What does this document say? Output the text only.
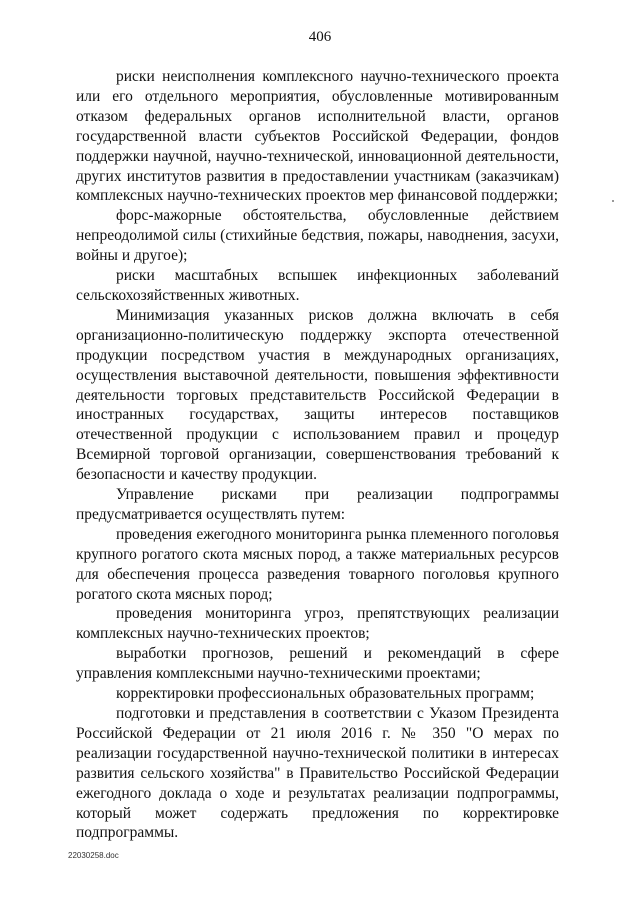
406

риски неисполнения комплексного научно-технического проекта или его отдельного мероприятия, обусловленные мотивированным отказом федеральных органов исполнительной власти, органов государственной власти субъектов Российской Федерации, фондов поддержки научной, научно-технической, инновационной деятельности, других институтов развития в предоставлении участникам (заказчикам) комплексных научно-технических проектов мер финансовой поддержки;

форс-мажорные обстоятельства, обусловленные действием непреодолимой силы (стихийные бедствия, пожары, наводнения, засухи, войны и другое);

риски масштабных вспышек инфекционных заболеваний сельскохозяйственных животных.

Минимизация указанных рисков должна включать в себя организационно-политическую поддержку экспорта отечественной продукции посредством участия в международных организациях, осуществления выставочной деятельности, повышения эффективности деятельности торговых представительств Российской Федерации в иностранных государствах, защиты интересов поставщиков отечественной продукции с использованием правил и процедур Всемирной торговой организации, совершенствования требований к безопасности и качеству продукции.

Управление рисками при реализации подпрограммы предусматривается осуществлять путем:

проведения ежегодного мониторинга рынка племенного поголовья крупного рогатого скота мясных пород, а также материальных ресурсов для обеспечения процесса разведения товарного поголовья крупного рогатого скота мясных пород;

проведения мониторинга угроз, препятствующих реализации комплексных научно-технических проектов;

выработки прогнозов, решений и рекомендаций в сфере управления комплексными научно-техническими проектами;

корректировки профессиональных образовательных программ;

подготовки и представления в соответствии с Указом Президента Российской Федерации от 21 июля 2016 г. № 350 "О мерах по реализации государственной научно-технической политики в интересах развития сельского хозяйства" в Правительство Российской Федерации ежегодного доклада о ходе и результатах реализации подпрограммы, который может содержать предложения по корректировке подпрограммы.

22030258.doc
